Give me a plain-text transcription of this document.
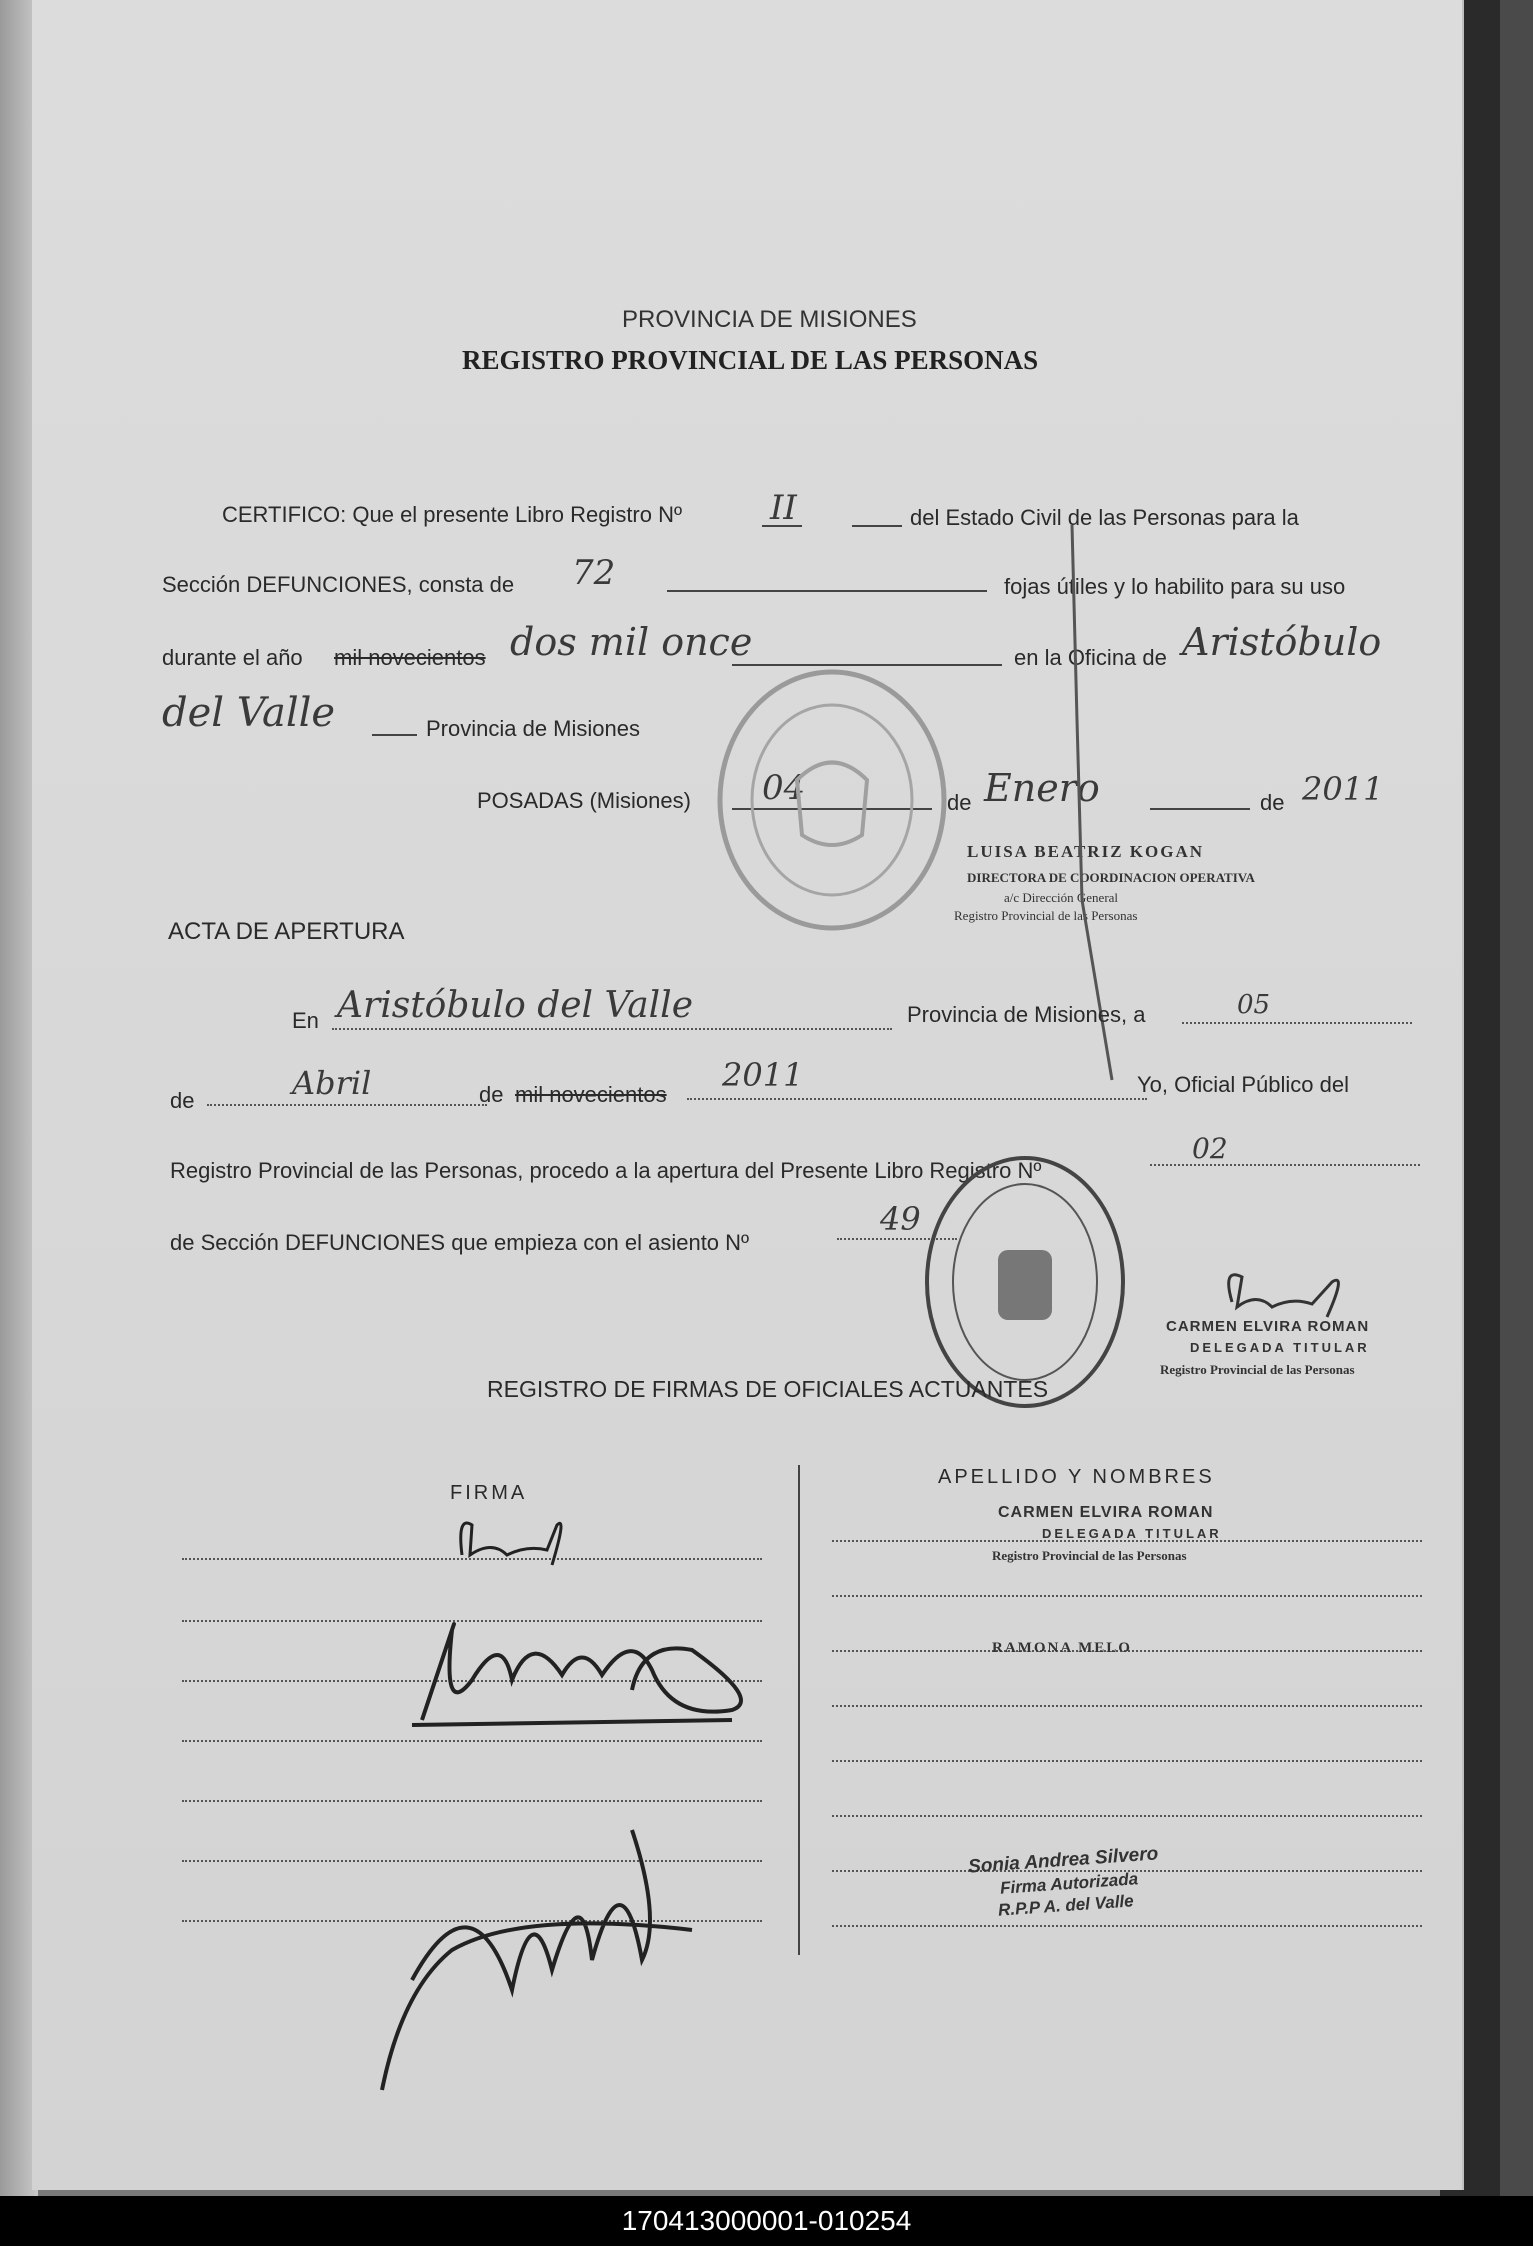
PROVINCIA DE MISIONES
REGISTRO PROVINCIAL DE LAS PERSONAS
CERTIFICO: Que el presente Libro Registro Nº	II	del Estado Civil de las Personas para la
Sección DEFUNCIONES, consta de 72	fojas útiles y lo habilito para su uso
durante el año mil novecientos dos mil once	en la Oficina de Aristóbulo
del Valle	Provincia de Misiones
POSADAS (Misiones) 04	de Enero	de 2011
LUISA BEATRIZ KOGAN
DIRECTORA DE COORDINACION OPERATIVA
a/c Dirección General
Registro Provincial de las Personas
ACTA DE APERTURA
En Aristóbulo del Valle	Provincia de Misiones, a	05
de	Abril	de mil novecientos
2011	Yo, Oficial Público del
Registro Provincial de las Personas, procedo a la apertura del Presente Libro Registro Nº
02
de Sección DEFUNCIONES que empieza con el asiento Nº
49
CARMEN ELVIRA ROMAN
DELEGADA TITULAR
Registro Provincial de las Personas
REGISTRO DE FIRMAS DE OFICIALES ACTUANTES
FIRMA
APELLIDO Y NOMBRES
CARMEN ELVIRA ROMAN
DELEGADA TITULAR
Registro Provincial de las Personas
RAMONA MELO
Sonia Andrea Silvero
Firma Autorizada
R.P.P A. del Valle
170413000001-010254
